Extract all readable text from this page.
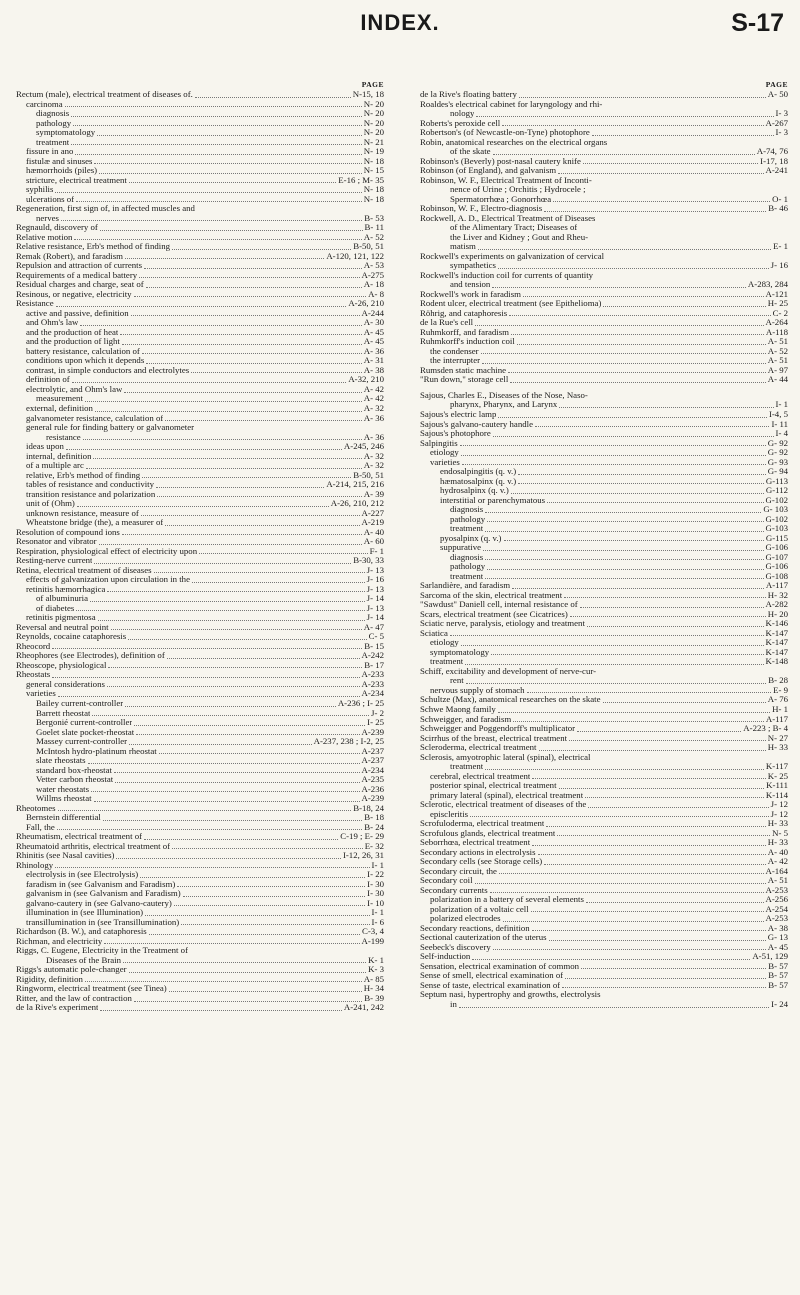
INDEX.	S-17
PAGE
Rectum (male), electrical treatment of diseases of.	N-15, 18
carcinoma	N- 20
diagnosis	N- 20
pathology	N- 20
symptomatology	N- 20
treatment	N- 21
fissure in ano	N- 19
fistulæ and sinuses	N- 18
hæmorrhoids (piles)	N- 15
stricture, electrical treatment	E-16 ; M- 35
syphilis	N- 18
ulcerations of	N- 18
Regeneration, first sign of, in affected muscles and
nerves	B- 53
Regnauld, discovery of	B- 11
Relative motion	A- 52
Relative resistance, Erb's method of finding	B-50, 51
Remak (Robert), and faradism	A-120, 121, 122
Repulsion and attraction of currents	A- 53
Requirements of a medical battery	A-275
Residual charges and charge, seat of	A- 18
Resinous, or negative, electricity	A- 8
Resistance	A-26, 210
active and passive, definition	A-244
and Ohm's law	A- 30
and the production of heat	A- 45
and the production of light	A- 45
battery resistance, calculation of	A- 36
conditions upon which it depends	A- 31
contrast, in simple conductors and electrolytes	A- 38
definition of	A-32, 210
electrolytic, and Ohm's law	A- 42
measurement	A- 42
external, definition	A- 32
galvanometer resistance, calculation of	A- 36
general rule for finding battery or galvanometer
resistance	A- 36
ideas upon	A-245, 246
internal, definition	A- 32
of a multiple arc	A- 32
relative, Erb's method of finding	B-50, 51
tables of resistance and conductivity	A-214, 215, 216
transition resistance and polarization	A- 39
unit of (Ohm)	A-26, 210, 212
unknown resistance, measure of	A-227
Wheatstone bridge (the), a measurer of	A-219
Resolution of compound ions	A- 40
Resonator and vibrator	A- 60
Respiration, physiological effect of electricity upon	F- 1
Resting-nerve current	B-30, 33
Retina, electrical treatment of diseases	J- 13
effects of galvanization upon circulation in the	J- 16
retinitis hæmorrhagica	J- 13
of albuminuria	J- 14
of diabetes	J- 13
retinitis pigmentosa	J- 14
Reversal and neutral point	A- 47
Reynolds, cocaine cataphoresis	C- 5
Rheocord	B- 15
Rheophores (see Electrodes), definition of	A-242
Rheoscope, physiological	B- 17
Rheostats	A-233
general considerations	A-233
varieties	A-234
Bailey current-controller	A-236 ; I- 25
Barrett rheostat	J- 2
Bergonié current-controller	I- 25
Goelet slate pocket-rheostat	A-239
Massey current-controller	A-237, 238 ; I-2, 25
McIntosh hydro-platinum rheostat	A-237
slate rheostats	A-237
standard box-rheostat	A-234
Vetter carbon rheostat	A-235
water rheostats	A-236
Willms rheostat	A-239
Rheotomes	B-18, 24
Bernstein differential	B- 18
Fall, the	B- 24
Rheumatism, electrical treatment of	C-19 ; E- 29
Rheumatoid arthritis, electrical treatment of	E- 32
Rhinitis (see Nasal cavities)	I-12, 26, 31
Rhinology	I- 1
electrolysis in (see Electrolysis)	I- 22
faradism in (see Galvanism and Faradism)	I- 30
galvanism in (see Galvanism and Faradism)	I- 30
galvano-cautery in (see Galvano-cautery)	I- 10
illumination in (see Illumination)	I- 1
transillumination in (see Transillumination)	I- 6
Richardson (B. W.), and cataphoresis	C-3, 4
Richman, and electricity	A-199
Riggs, C. Eugene, Electricity in the Treatment of
Diseases of the Brain	K- 1
Riggs's automatic pole-changer	K- 3
Rigidity, definition	A- 85
Ringworm, electrical treatment (see Tinea)	H- 34
Ritter, and the law of contraction	B- 39
de la Rive's experiment	A-241, 242
PAGE
de la Rive's floating battery	A- 50
Roaldes's electrical cabinet for laryngology and rhi-
nology	I- 3
Roberts's peroxide cell	A-267
Robertson's (of Newcastle-on-Tyne) photophore	I- 3
Robin, anatomical researches on the electrical organs
of the skate	A-74, 76
Robinson's (Beverly) post-nasal cautery knife	I-17, 18
Robinson (of England), and galvanism	A-241
Robinson, W. F., Electrical Treatment of Inconti-
nence of Urine ; Orchitis ; Hydrocele ;
Spermatorrhœa ; Gonorrhœa	O- 1
Robinson, W. F., Electro-diagnosis	B- 46
Rockwell, A. D., Electrical Treatment of Diseases
of the Alimentary Tract; Diseases of
the Liver and Kidney ; Gout and Rheu-
matism	E- 1
Rockwell's experiments on galvanization of cervical
sympathetics	J- 16
Rockwell's induction coil for currents of quantity
and tension	A-283, 284
Rockwell's work in faradism	A-121
Rodent ulcer, electrical treatment (see Epithelioma)	H- 25
Röhrig, and cataphoresis	C- 2
de la Rue's cell	A-264
Ruhmkorff, and faradism	A-118
Ruhmkorff's induction coil	A- 51
the condenser	A- 52
the interrupter	A- 51
Rumsden static machine	A- 97
"Run down," storage cell	A- 44
Sajous, Charles E., Diseases of the Nose, Naso-
pharynx, Pharynx, and Larynx	I- 1
Sajous's electric lamp	I-4, 5
Sajous's galvano-cautery handle	I- 11
Sajous's photophore	I- 4
Salpingitis	G- 92
etiology	G- 92
varieties	G- 93
endosalpingitis (q. v.)	G- 94
hæmatosalpinx (q. v.)	G-113
hydrosalpinx (q. v.)	G-112
interstitial or parenchymatous	G-102
diagnosis	G- 103
pathology	G-102
treatment	G-103
pyosalpinx (q. v.)	G-115
suppurative	G-106
diagnosis	G-107
pathology	G-106
treatment	G-108
Sarlandière, and faradism	A-117
Sarcoma of the skin, electrical treatment	H- 32
"Sawdust" Daniell cell, internal resistance of	A-282
Scars, electrical treatment (see Cicatrices)	H- 20
Sciatic nerve, paralysis, etiology and treatment	K-146
Sciatica	K-147
etiology	K-147
symptomatology	K-147
treatment	K-148
Schiff, excitability and development of nerve-cur-
rent	B- 28
nervous supply of stomach	E- 9
Schultze (Max), anatomical researches on the skate	A- 76
Schwe Maong family	H- 1
Schweigger, and faradism	A-117
Schweigger and Poggendorff's multiplicator	A-223 ; B- 4
Scirrhus of the breast, electrical treatment	N- 27
Scleroderma, electrical treatment	H- 33
Sclerosis, amyotrophic lateral (spinal), electrical
treatment	K-117
cerebral, electrical treatment	K- 25
posterior spinal, electrical treatment	K-111
primary lateral (spinal), electrical treatment	K-114
Sclerotic, electrical treatment of diseases of the	J- 12
episcleritis	J- 12
Scrofuloderma, electrical treatment	H- 33
Scrofulous glands, electrical treatment	N- 5
Seborrhœa, electrical treatment	H- 33
Secondary actions in electrolysis	A- 40
Secondary cells (see Storage cells)	A- 42
Secondary circuit, the	A-164
Secondary coil	A- 51
Secondary currents	A-253
polarization in a battery of several elements	A-256
polarization of a voltaic cell	A-254
polarized electrodes	A-253
Secondary reactions, definition	A- 38
Sectional cauterization of the uterus	G- 13
Seebeck's discovery	A- 45
Self-induction	A-51, 129
Sensation, electrical examination of common	B- 57
Sense of smell, electrical examination of	B- 57
Sense of taste, electrical examination of	B- 57
Septum nasi, hypertrophy and growths, electrolysis
in	I- 24
